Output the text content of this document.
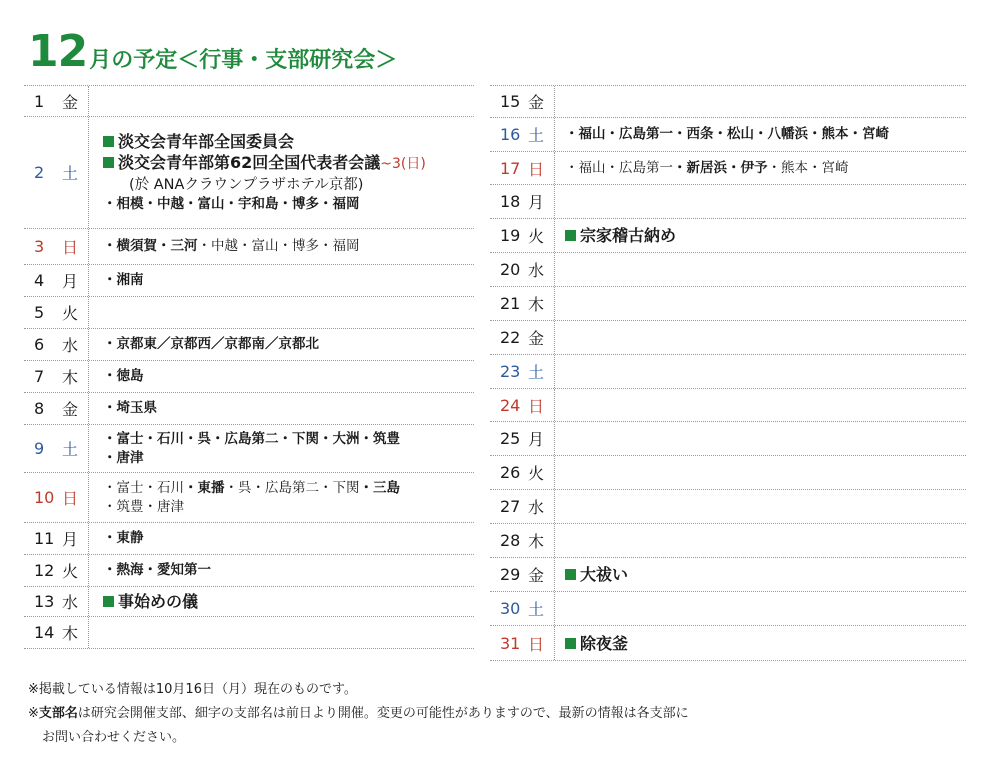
12 月の予定＜行事・支部研究会＞
1	金
2	土
淡交会青年部全国委員会
淡交会青年部第62回全国代表者会議~3(日)
(於 ANAクラウンプラザホテル京都)
・相模・中越・富山・宇和島・博多・福岡
3	日	・横須賀・三河・中越・富山・博多・福岡
4	月	・湘南
5	火
6	水	・京都東／京都西／京都南／京都北
7	木	・徳島
8	金	・埼玉県
9	土
・富士・石川・呉・広島第二・下関・大洲・筑豊
・唐津
10 日
・富士・石川・東播・呉・広島第二・下関・三島
・筑豊・唐津
11 月	・東静
12 火	・熱海・愛知第一
13 水	事始めの儀
14 木
15 金
16 土	・福山・広島第一・西条・松山・八幡浜・熊本・宮崎
17 日	・福山・広島第一・新居浜・伊予・熊本・宮崎
18 月
19 火	宗家稽古納め
20 水
21 木
22 金
23 土
24 日
25 月
26 火
27 水
28 木
29 金	大祓い
30 土
31 日	除夜釜
※掲載している情報は10月16日（月）現在のものです。
※支部名は研究会開催支部、細字の支部名は前日より開催。変更の可能性がありますので、最新の情報は各支部に
お問い合わせください。
